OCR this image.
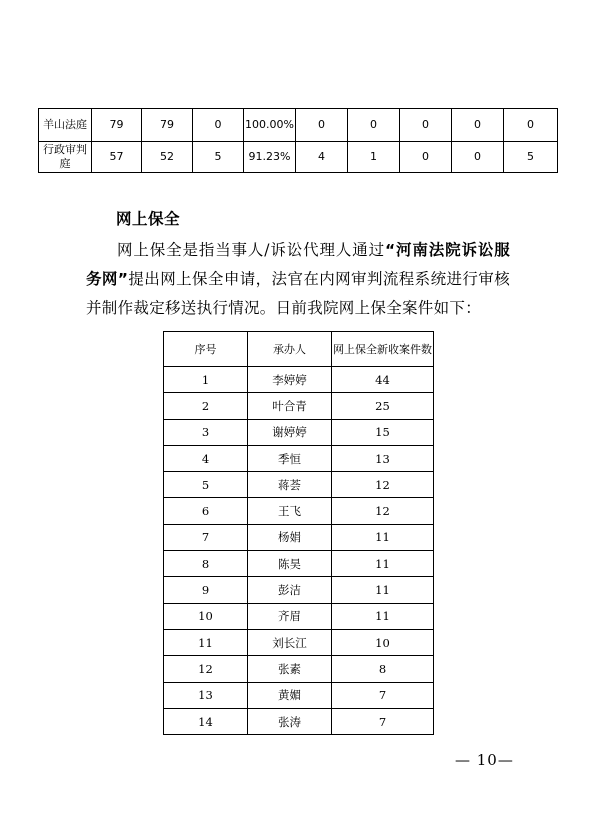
羊山法庭	79	79	0	100.00%	0	0	0	0	0
行政审判庭	57	52	5	91.23%	4	1	0	0	5
网上保全

网上保全是指当事人/诉讼代理人通过“河南法院诉讼服务网”提出网上保全申请，法官在内网审判流程系统进行审核并制作裁定移送执行情况。日前我院网上保全案件如下：

序号	承办人	网上保全新收案件数
1	李婷婷	44
2	叶合青	25
3	谢婷婷	15
4	季恒	13
5	蒋荟	12
6	王飞	12
7	杨娟	11
8	陈昊	11
9	彭洁	11
10	齐眉	11
11	刘长江	10
12	张素	8
13	黄媚	7
14	张涛	7
— 10—
